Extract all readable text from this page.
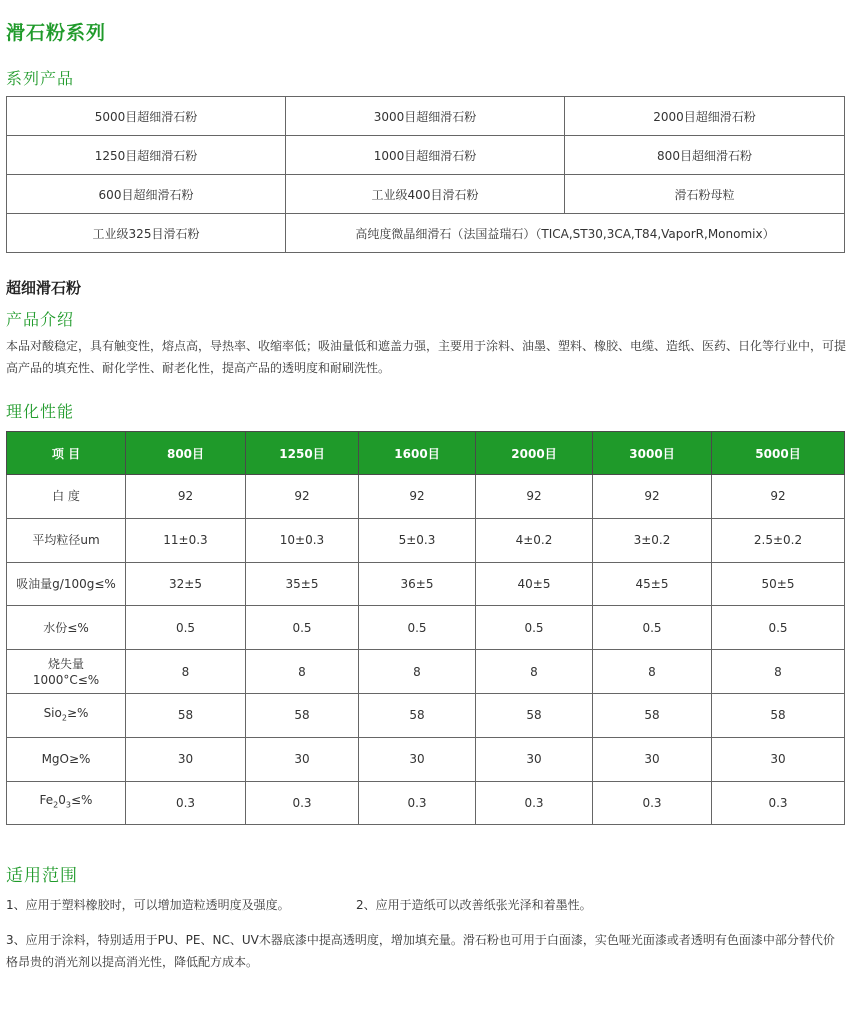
滑石粉系列
系列产品
5000目超细滑石粉	3000目超细滑石粉	2000目超细滑石粉
1250目超细滑石粉	1000目超细滑石粉	800目超细滑石粉
600目超细滑石粉	工业级400目滑石粉	滑石粉母粒
工业级325目滑石粉	高纯度微晶细滑石（法国益瑞石）（TICA,ST30,3CA,T84,VaporR,Monomix）	
超细滑石粉
产品介绍
本品对酸稳定，具有触变性，熔点高，导热率、收缩率低；吸油量低和遮盖力强，主要用于涂料、油墨、塑料、橡胶、电缆、造纸、医药、日化等行业中，可提高产品的填充性、耐化学性、耐老化性，提高产品的透明度和耐刷洗性。
理化性能
项 目	800目	1250目	1600目	2000目	3000目	5000目
白 度	92	92	92	92	92	92
平均粒径um	11±0.3	10±0.3	5±0.3	4±0.2	3±0.2	2.5±0.2
吸油量g/100g≤%	32±5	35±5	36±5	40±5	45±5	50±5
水份≤%	0.5	0.5	0.5	0.5	0.5	0.5
烧失量
1000°C≤%	8	8	8	8	8	8
Sio$_2$≥%	58	58	58	58	58	58
MgO≥%	30	30	30	30	30	30
$Fe_20_3\le\%$	0.3	0.3	0.3	0.3	0.3	0.3
适用范围
1、应用于塑料橡胶时，可以增加造粒透明度及强度。	2、应用于造纸可以改善纸张光泽和着墨性。
3、应用于涂料，特别适用于PU、PE、NC、UV木器底漆中提高透明度，增加填充量。滑石粉也可用于白面漆，实色哑光面漆或者透明有色面漆中部分替代价格昂贵的消光剂以提高消光性，降低配方成本。
